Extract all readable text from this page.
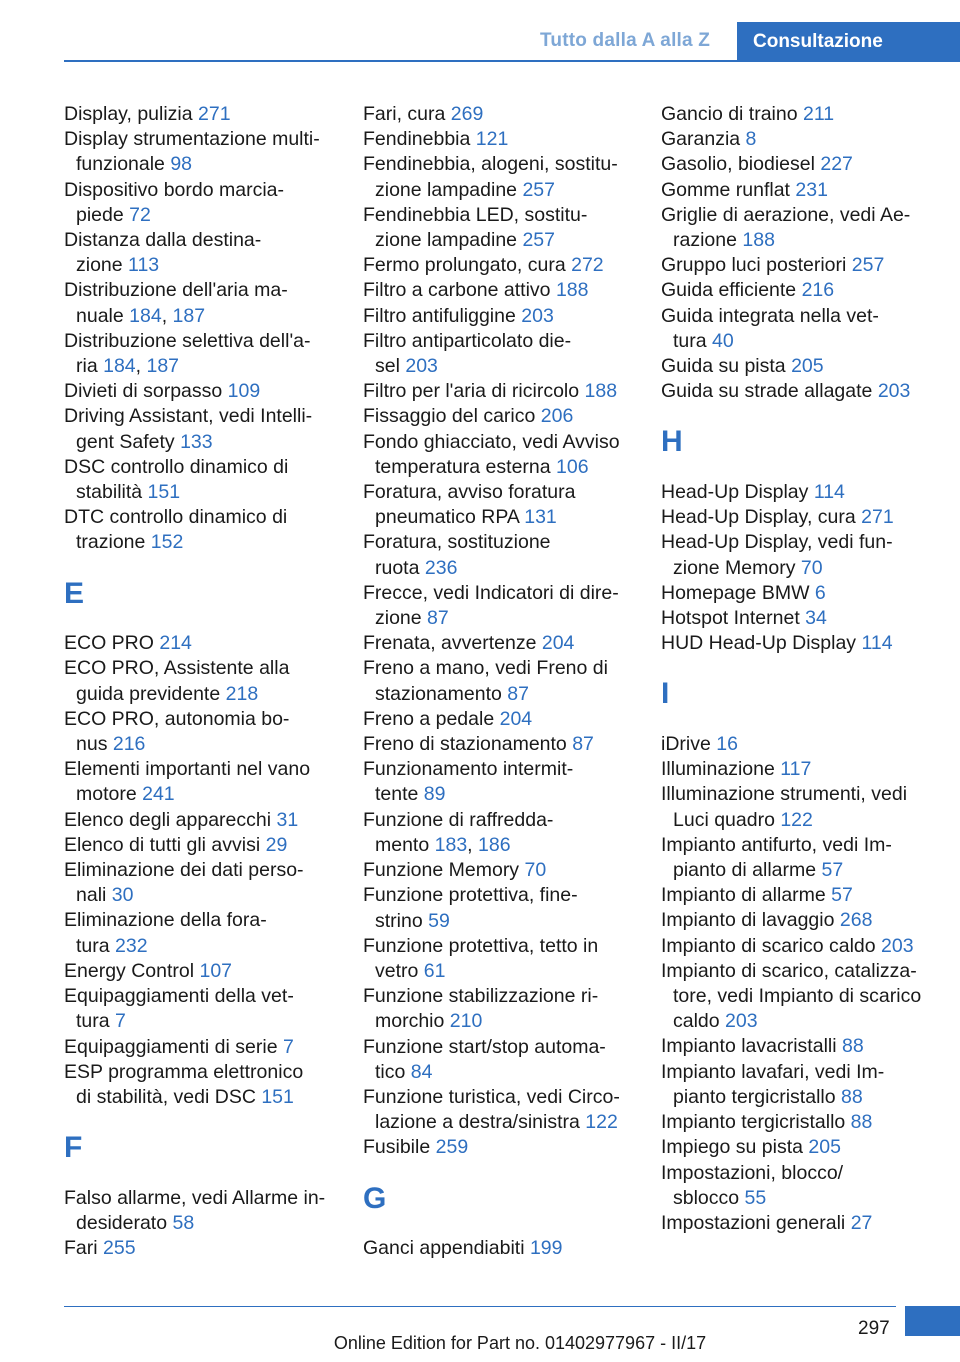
Tutto dalla A alla Z	Consultazione
Display, pulizia 271
Display strumentazione multi-
funzionale 98
Dispositivo bordo marcia-
piede 72
Distanza dalla destina-
zione 113
Distribuzione dell'aria ma-
nuale 184, 187
Distribuzione selettiva dell'a-
ria 184, 187
Divieti di sorpasso 109
Driving Assistant, vedi Intelli-
gent Safety 133
DSC controllo dinamico di
stabilità 151
DTC controllo dinamico di
trazione 152
E
ECO PRO 214
ECO PRO, Assistente alla
guida previdente 218
ECO PRO, autonomia bo-
nus 216
Elementi importanti nel vano
motore 241
Elenco degli apparecchi 31
Elenco di tutti gli avvisi 29
Eliminazione dei dati perso-
nali 30
Eliminazione della fora-
tura 232
Energy Control 107
Equipaggiamenti della vet-
tura 7
Equipaggiamenti di serie 7
ESP programma elettronico
di stabilità, vedi DSC 151
F
Falso allarme, vedi Allarme in-
desiderato 58
Fari 255
Fari, cura 269
Fendinebbia 121
Fendinebbia, alogeni, sostitu-
zione lampadine 257
Fendinebbia LED, sostitu-
zione lampadine 257
Fermo prolungato, cura 272
Filtro a carbone attivo 188
Filtro antifuliggine 203
Filtro antiparticolato die-
sel 203
Filtro per l'aria di ricircolo 188
Fissaggio del carico 206
Fondo ghiacciato, vedi Avviso
temperatura esterna 106
Foratura, avviso foratura
pneumatico RPA 131
Foratura, sostituzione
ruota 236
Frecce, vedi Indicatori di dire-
zione 87
Frenata, avvertenze 204
Freno a mano, vedi Freno di
stazionamento 87
Freno a pedale 204
Freno di stazionamento 87
Funzionamento intermit-
tente 89
Funzione di raffredda-
mento 183, 186
Funzione Memory 70
Funzione protettiva, fine-
strino 59
Funzione protettiva, tetto in
vetro 61
Funzione stabilizzazione ri-
morchio 210
Funzione start/stop automa-
tico 84
Funzione turistica, vedi Circo-
lazione a destra/sinistra 122
Fusibile 259
G
Ganci appendiabiti 199
Gancio di traino 211
Garanzia 8
Gasolio, biodiesel 227
Gomme runflat 231
Griglie di aerazione, vedi Ae-
razione 188
Gruppo luci posteriori 257
Guida efficiente 216
Guida integrata nella vet-
tura 40
Guida su pista 205
Guida su strade allagate 203
H
Head-Up Display 114
Head-Up Display, cura 271
Head-Up Display, vedi fun-
zione Memory 70
Homepage BMW 6
Hotspot Internet 34
HUD Head-Up Display 114
I
iDrive 16
Illuminazione 117
Illuminazione strumenti, vedi
Luci quadro 122
Impianto antifurto, vedi Im-
pianto di allarme 57
Impianto di allarme 57
Impianto di lavaggio 268
Impianto di scarico caldo 203
Impianto di scarico, catalizza-
tore, vedi Impianto di scarico
caldo 203
Impianto lavacristalli 88
Impianto lavafari, vedi Im-
pianto tergicristallo 88
Impianto tergicristallo 88
Impiego su pista 205
Impostazioni, blocco/
sblocco 55
Impostazioni generali 27
297
Online Edition for Part no. 01402977967 - II/17
